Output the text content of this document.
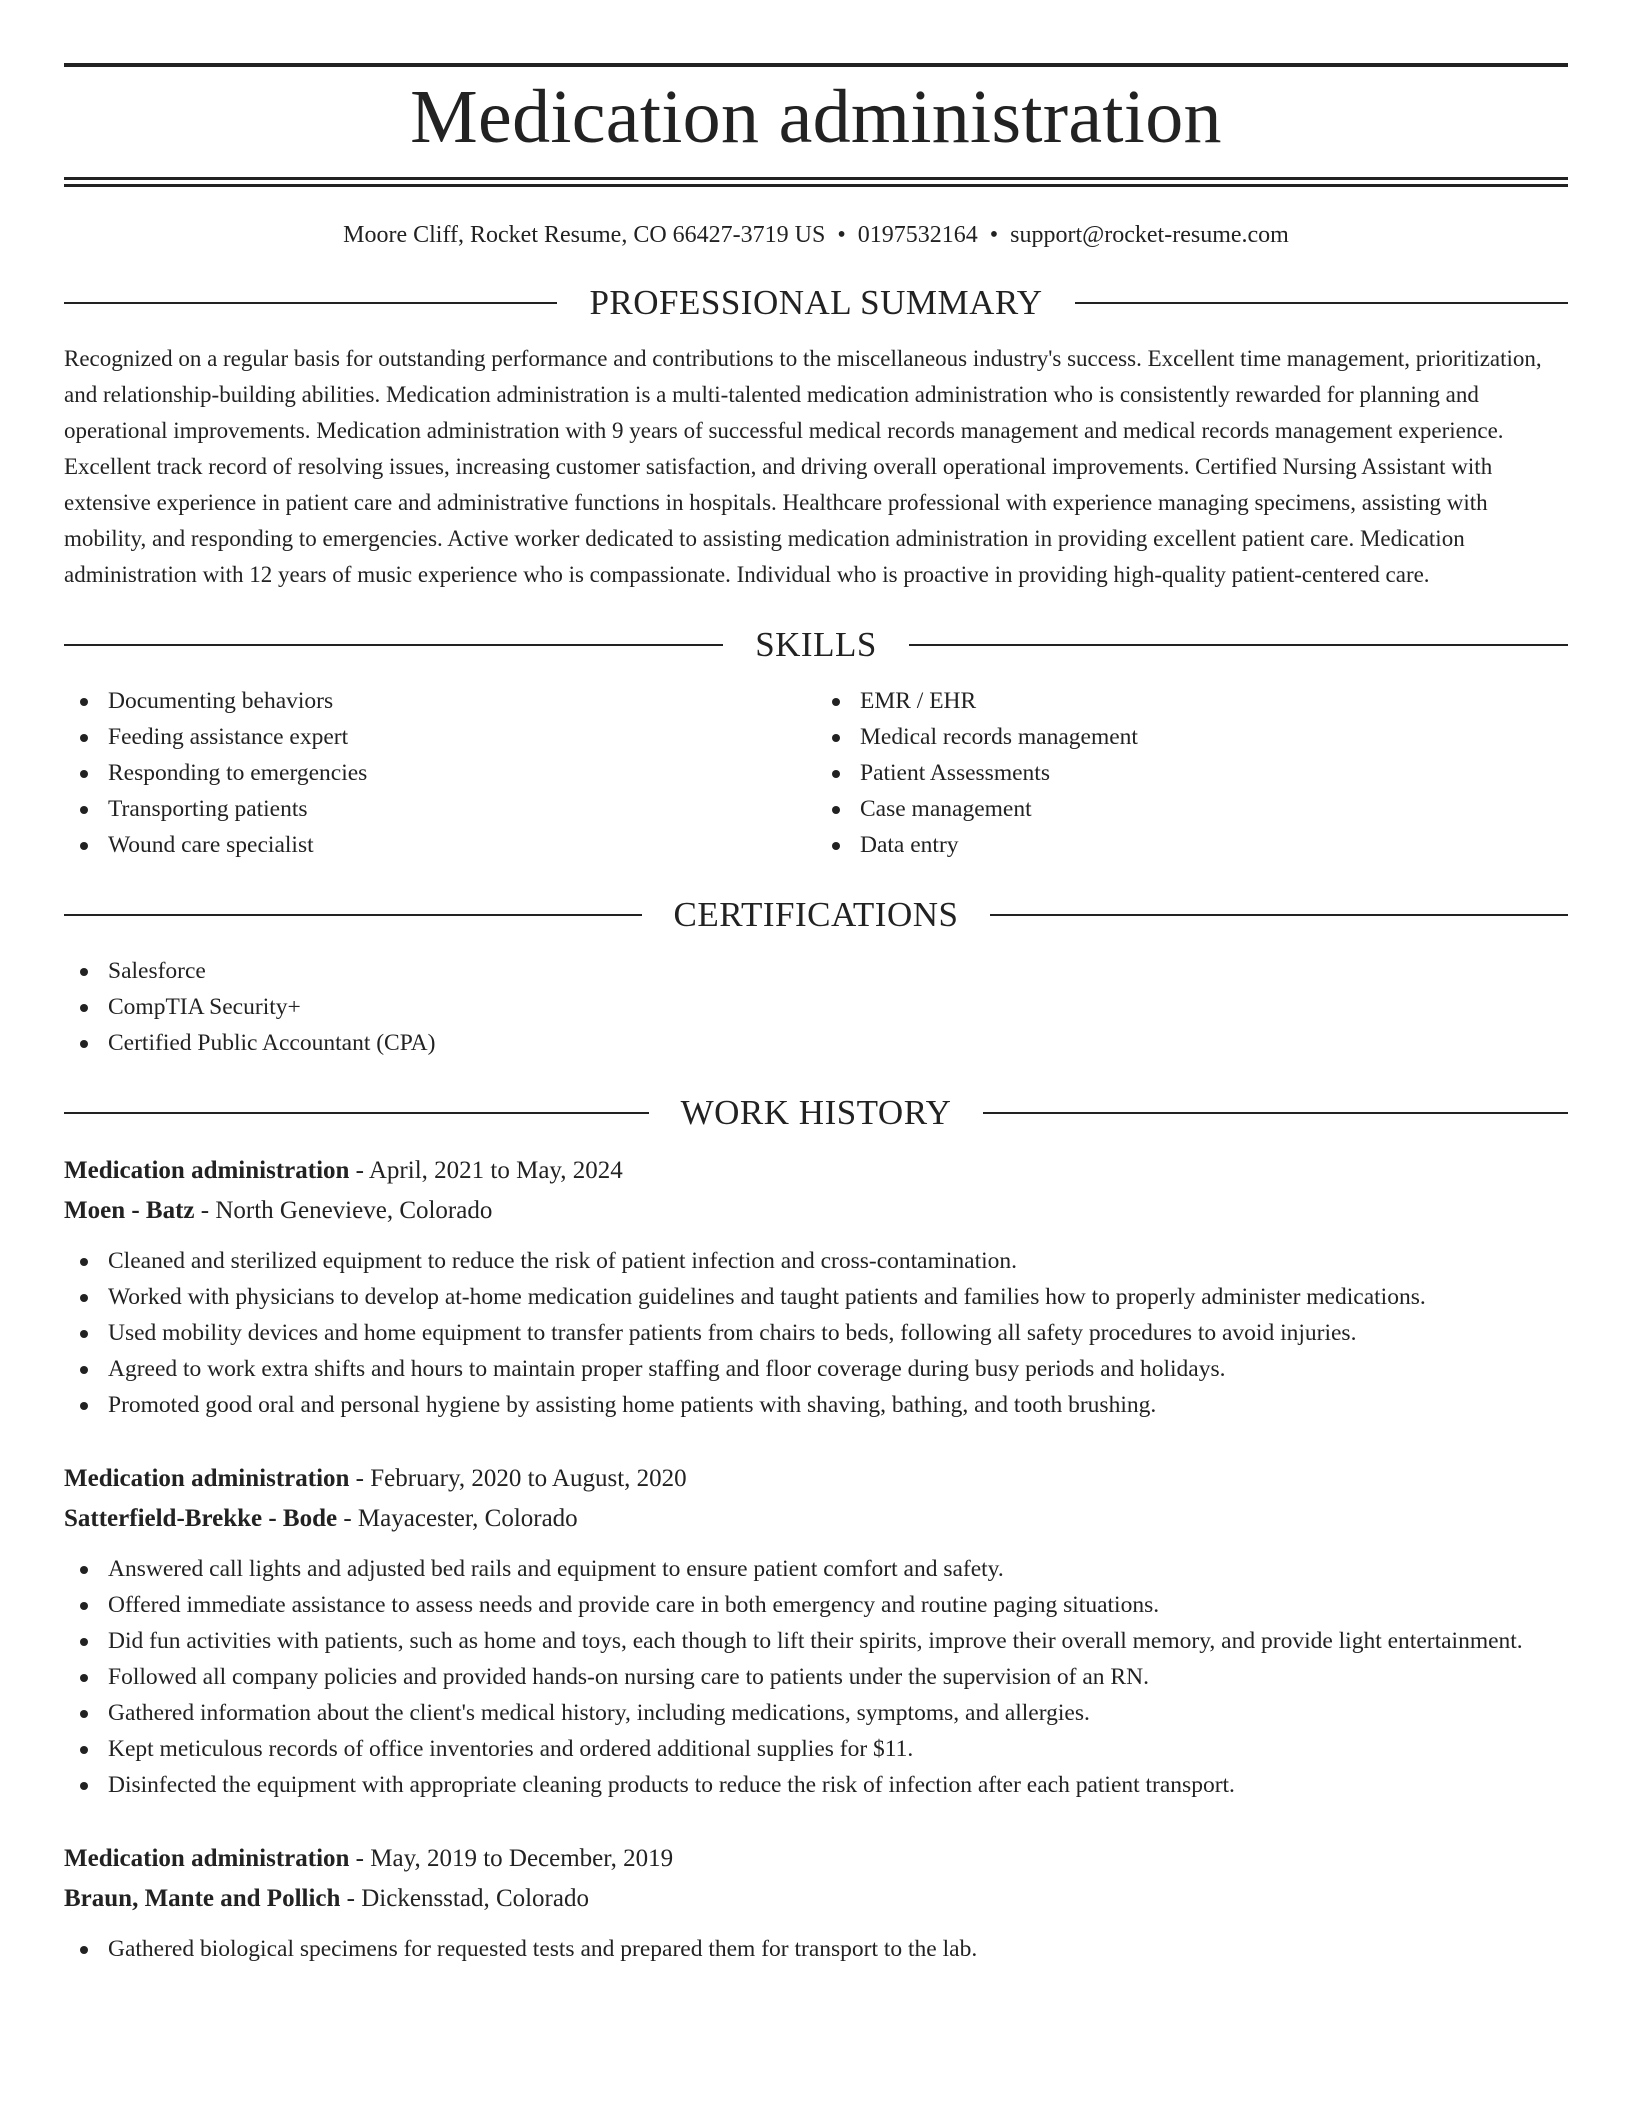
Medication administration
Moore Cliff, Rocket Resume, CO 66427-3719 US • 0197532164 • support@rocket-resume.com
PROFESSIONAL SUMMARY

Recognized on a regular basis for outstanding performance and contributions to the miscellaneous industry's success. Excellent time management, prioritization, and relationship-building abilities. Medication administration is a multi-talented medication administration who is consistently rewarded for planning and operational improvements. Medication administration with 9 years of successful medical records management and medical records management experience. Excellent track record of resolving issues, increasing customer satisfaction, and driving overall operational improvements. Certified Nursing Assistant with extensive experience in patient care and administrative functions in hospitals. Healthcare professional with experience managing specimens, assisting with mobility, and responding to emergencies. Active worker dedicated to assisting medication administration in providing excellent patient care. Medication administration with 12 years of music experience who is compassionate. Individual who is proactive in providing high-quality patient-centered care.

SKILLS
Documenting behaviors
Feeding assistance expert
Responding to emergencies
Transporting patients
Wound care specialist
EMR / EHR
Medical records management
Patient Assessments
Case management
Data entry
CERTIFICATIONS
Salesforce
CompTIA Security+
Certified Public Accountant (CPA)
WORK HISTORY
Medication administration - April, 2021 to May, 2024
Moen - Batz - North Genevieve, Colorado
Cleaned and sterilized equipment to reduce the risk of patient infection and cross-contamination.
Worked with physicians to develop at-home medication guidelines and taught patients and families how to properly administer medications.
Used mobility devices and home equipment to transfer patients from chairs to beds, following all safety procedures to avoid injuries.
Agreed to work extra shifts and hours to maintain proper staffing and floor coverage during busy periods and holidays.
Promoted good oral and personal hygiene by assisting home patients with shaving, bathing, and tooth brushing.
Medication administration - February, 2020 to August, 2020
Satterfield-Brekke - Bode - Mayacester, Colorado
Answered call lights and adjusted bed rails and equipment to ensure patient comfort and safety.
Offered immediate assistance to assess needs and provide care in both emergency and routine paging situations.
Did fun activities with patients, such as home and toys, each though to lift their spirits, improve their overall memory, and provide light entertainment.
Followed all company policies and provided hands-on nursing care to patients under the supervision of an RN.
Gathered information about the client's medical history, including medications, symptoms, and allergies.
Kept meticulous records of office inventories and ordered additional supplies for $11.
Disinfected the equipment with appropriate cleaning products to reduce the risk of infection after each patient transport.
Medication administration - May, 2019 to December, 2019
Braun, Mante and Pollich - Dickensstad, Colorado
Gathered biological specimens for requested tests and prepared them for transport to the lab.
